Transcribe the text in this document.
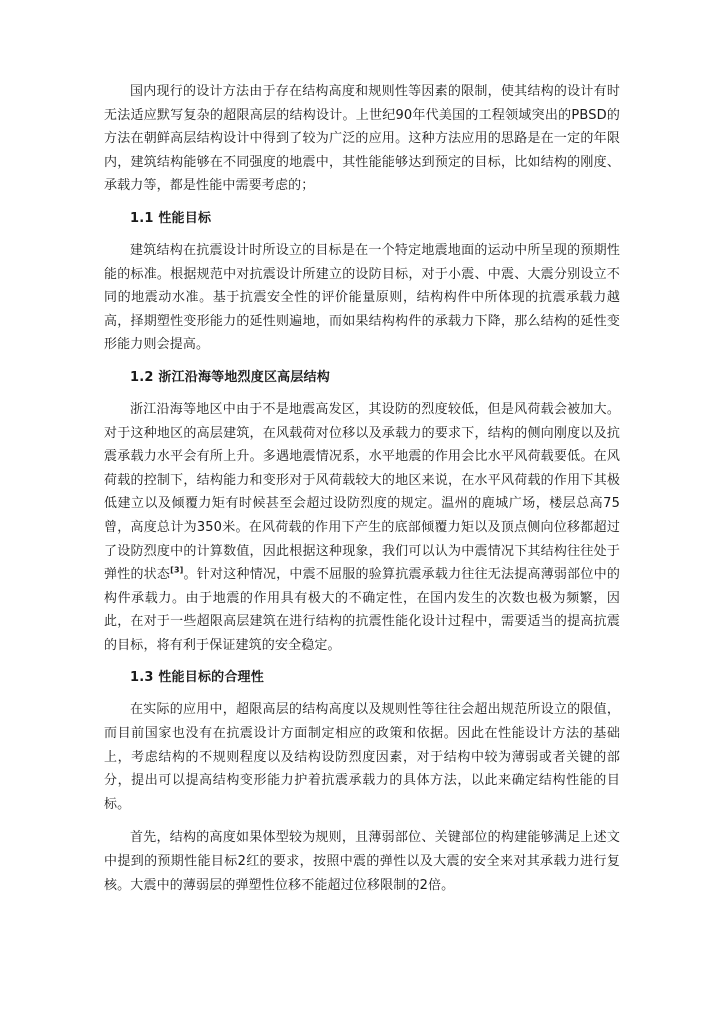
国内现行的设计方法由于存在结构高度和规则性等因素的限制，使其结构的设计有时无法适应默写复杂的超限高层的结构设计。上世纪90年代美国的工程领域突出的PBSD的方法在朝鲜高层结构设计中得到了较为广泛的应用。这种方法应用的思路是在一定的年限内，建筑结构能够在不同强度的地震中，其性能能够达到预定的目标，比如结构的刚度、承载力等，都是性能中需要考虑的；

1.1 性能目标

建筑结构在抗震设计时所设立的目标是在一个特定地震地面的运动中所呈现的预期性能的标准。根据规范中对抗震设计所建立的设防目标，对于小震、中震、大震分别设立不同的地震动水准。基于抗震安全性的评价能量原则，结构构件中所体现的抗震承载力越高，择期塑性变形能力的延性则遍地，而如果结构构件的承载力下降，那么结构的延性变形能力则会提高。

1.2 浙江沿海等地烈度区高层结构

浙江沿海等地区中由于不是地震高发区，其设防的烈度较低，但是风荷载会被加大。对于这种地区的高层建筑，在风载荷对位移以及承载力的要求下，结构的侧向刚度以及抗震承载力水平会有所上升。多遇地震情况系，水平地震的作用会比水平风荷载要低。在风荷载的控制下，结构能力和变形对于风荷载较大的地区来说，在水平风荷载的作用下其极低建立以及倾覆力矩有时候甚至会超过设防烈度的规定。温州的鹿城广场，楼层总高75曾，高度总计为350米。在风荷载的作用下产生的底部倾覆力矩以及顶点侧向位移都超过了设防烈度中的计算数值，因此根据这种现象，我们可以认为中震情况下其结构往往处于弹性的状态[3]。针对这种情况，中震不屈服的验算抗震承载力往往无法提高薄弱部位中的构件承载力。由于地震的作用具有极大的不确定性，在国内发生的次数也极为频繁，因此，在对于一些超限高层建筑在进行结构的抗震性能化设计过程中，需要适当的提高抗震的目标，将有利于保证建筑的安全稳定。

1.3 性能目标的合理性

在实际的应用中，超限高层的结构高度以及规则性等往往会超出规范所设立的限值，而目前国家也没有在抗震设计方面制定相应的政策和依据。因此在性能设计方法的基础上，考虑结构的不规则程度以及结构设防烈度因素，对于结构中较为薄弱或者关键的部分，提出可以提高结构变形能力护着抗震承载力的具体方法，以此来确定结构性能的目标。

首先，结构的高度如果体型较为规则，且薄弱部位、关键部位的构建能够满足上述文中提到的预期性能目标2红的要求，按照中震的弹性以及大震的安全来对其承载力进行复核。大震中的薄弱层的弹塑性位移不能超过位移限制的2倍。
